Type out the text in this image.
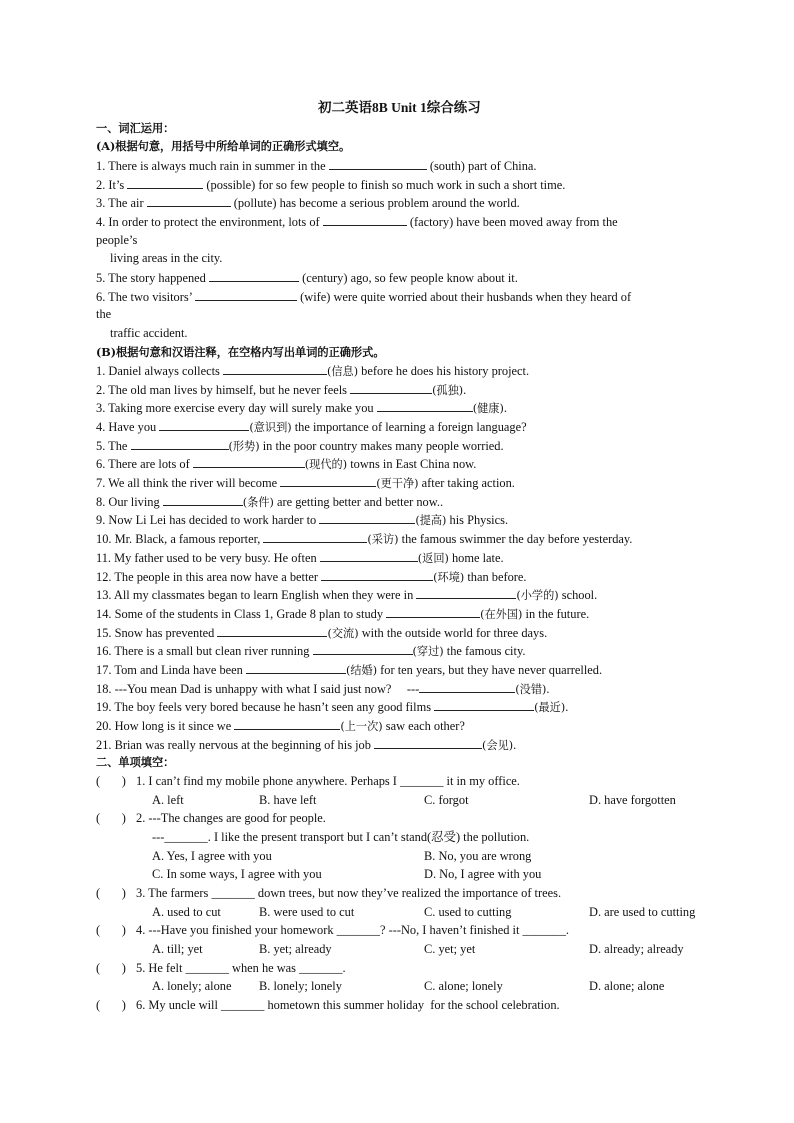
初二英语8B Unit 1综合练习
一、词汇运用：
(A)根据句意，用括号中所给单词的正确形式填空。
1. There is always much rain in summer in the	(south) part of China.
2. It’s	(possible) for so few people to finish so much work in such a short time.
3. The air	(pollute) has become a serious problem around the world.
4. In order to protect the environment, lots of	(factory) have been moved away from the
people’s
living areas in the city.
5. The story happened	(century) ago, so few people know about it.
6. The two visitors’	(wife) were quite worried about their husbands when they heard of
the
traffic accident.
(B)根据句意和汉语注释，在空格内写出单词的正确形式。
1. Daniel always collects	(信息) before he does his history project.
2. The old man lives by himself, but he never feels	(孤独).
3. Taking more exercise every day will surely make you	(健康).
4. Have you	(意识到) the importance of learning a foreign language?
5. The	(形势) in the poor country makes many people worried.
6. There are lots of	(现代的) towns in East China now.
7. We all think the river will become	(更干净) after taking action.
8. Our living	(条件) are getting better and better now..
9. Now Li Lei has decided to work harder to	(提高) his Physics.
10. Mr. Black, a famous reporter,	(采访) the famous swimmer the day before yesterday.
11. My father used to be very busy. He often	(返回) home late.
12. The people in this area now have a better	(环境) than before.
13. All my classmates began to learn English when they were in	(小学的) school.
14. Some of the students in Class 1, Grade 8 plan to study	(在外国) in the future.
15. Snow has prevented	(交流) with the outside world for three days.
16. There is a small but clean river running	(穿过) the famous city.
17. Tom and Linda have been	(结婚) for ten years, but they have never quarrelled.
18. ---You mean Dad is unhappy with what I said just now?     ---	(没错).
19. The boy feels very bored because he hasn’t seen any good films	(最近).
20. How long is it since we	(上一次) saw each other?
21. Brian was really nervous at the beginning of his job	(会见).
二、单项填空：
(       ) 1. I can’t find my mobile phone anywhere. Perhaps I _______ it in my office.
A. left	B. have left	C. forgot	D. have forgotten
(       ) 2. ---The changes are good for people.
---_______. I like the present transport but I can’t stand(忍受) the pollution.
A. Yes, I agree with you	B. No, you are wrong
C. In some ways, I agree with you	D. No, I agree with you
(       ) 3. The farmers _______ down trees, but now they’ve realized the importance of trees.
A. used to cut	B. were used to cut	C. used to cutting	D. are used to cutting
(       ) 4. ---Have you finished your homework _______? ---No, I haven’t finished it _______.
A. till; yet	B. yet; already	C. yet; yet	D. already; already
(       ) 5. He felt _______ when he was _______.
A. lonely; alone B. lonely; lonely	C. alone; lonely	D. alone; alone
(       ) 6. My uncle will _______ hometown this summer holiday  for the school celebration.
